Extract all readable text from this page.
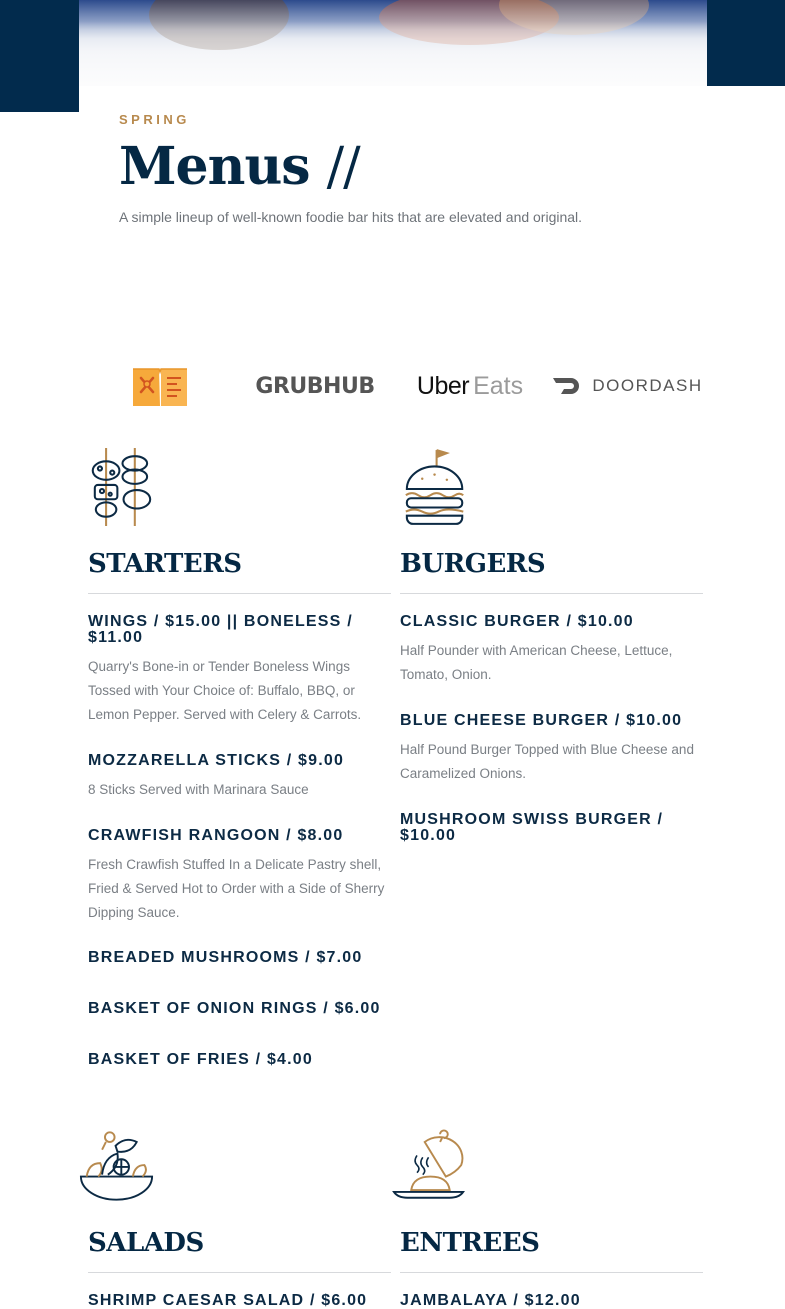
SPRING
Menus //

A simple lineup of well-known foodie bar hits that are elevated and original.

GRUBHUB Uber Eats	DOORDASH
STARTERS
WINGS / $15.00 || BONELESS / $11.00
Quarry's Bone-in or Tender Boneless Wings Tossed with Your Choice of: Buffalo, BBQ, or Lemon Pepper. Served with Celery & Carrots.
MOZZARELLA STICKS / $9.00
8 Sticks Served with Marinara Sauce
CRAWFISH RANGOON / $8.00
Fresh Crawfish Stuffed In a Delicate Pastry shell, Fried & Served Hot to Order with a Side of Sherry Dipping Sauce.
BREADED MUSHROOMS / $7.00
BASKET OF ONION RINGS / $6.00
BASKET OF FRIES / $4.00
BURGERS
CLASSIC BURGER / $10.00
Half Pounder with American Cheese, Lettuce, Tomato, Onion.
BLUE CHEESE BURGER / $10.00
Half Pound Burger Topped with Blue Cheese and Caramelized Onions.
MUSHROOM SWISS BURGER / $10.00
SALADS
SHRIMP CAESAR SALAD / $6.00
ENTREES
JAMBALAYA / $12.00
